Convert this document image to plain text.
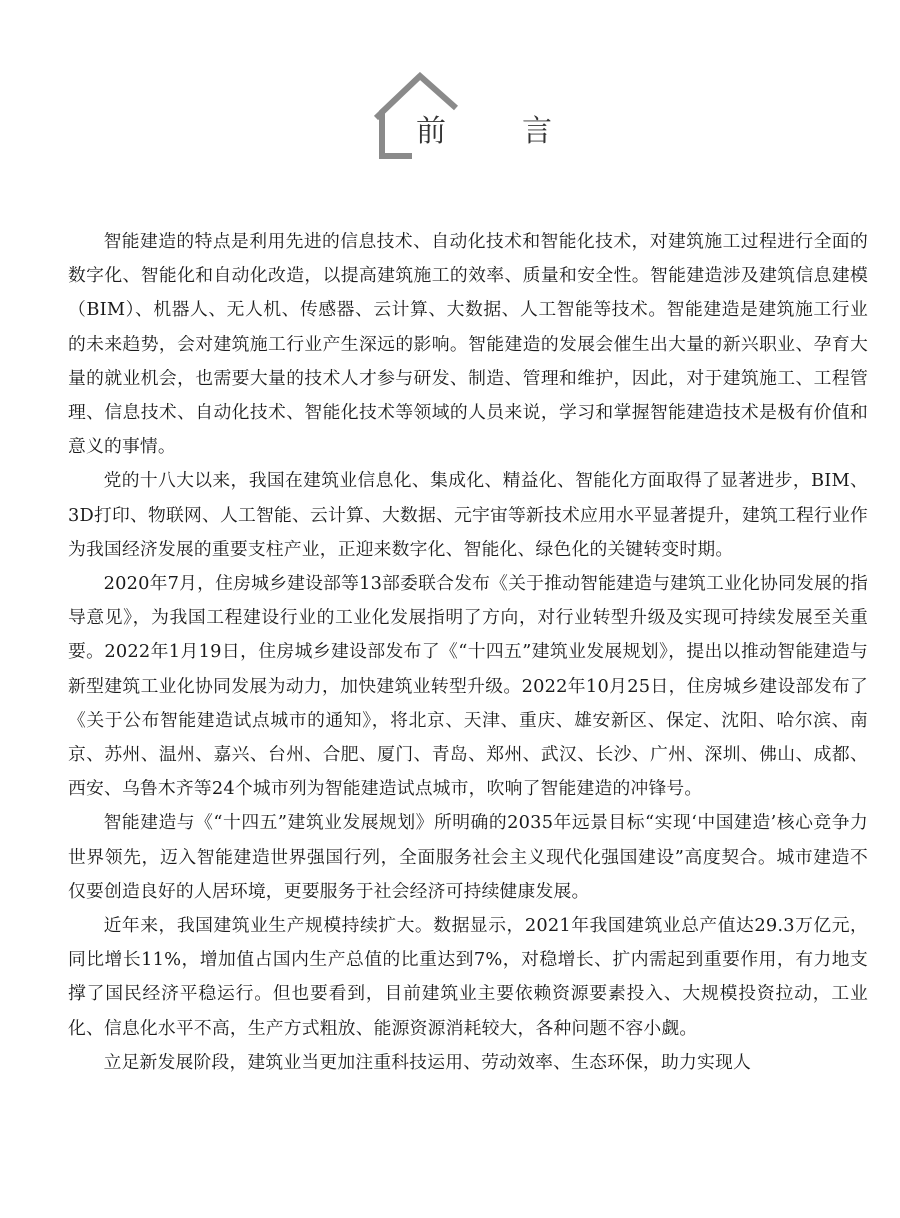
前	言

智能建造的特点是利用先进的信息技术、自动化技术和智能化技术，对建筑施工过程进行全面的数字化、智能化和自动化改造，以提高建筑施工的效率、质量和安全性。智能建造涉及建筑信息建模（BIM）、机器人、无人机、传感器、云计算、大数据、人工智能等技术。智能建造是建筑施工行业的未来趋势，会对建筑施工行业产生深远的影响。智能建造的发展会催生出大量的新兴职业、孕育大量的就业机会，也需要大量的技术人才参与研发、制造、管理和维护，因此，对于建筑施工、工程管理、信息技术、自动化技术、智能化技术等领域的人员来说，学习和掌握智能建造技术是极有价值和意义的事情。

党的十八大以来，我国在建筑业信息化、集成化、精益化、智能化方面取得了显著进步，BIM、3D打印、物联网、人工智能、云计算、大数据、元宇宙等新技术应用水平显著提升，建筑工程行业作为我国经济发展的重要支柱产业，正迎来数字化、智能化、绿色化的关键转变时期。

2020年7月，住房城乡建设部等13部委联合发布《关于推动智能建造与建筑工业化协同发展的指导意见》，为我国工程建设行业的工业化发展指明了方向，对行业转型升级及实现可持续发展至关重要。2022年1月19日，住房城乡建设部发布了《“十四五”建筑业发展规划》，提出以推动智能建造与新型建筑工业化协同发展为动力，加快建筑业转型升级。2022年10月25日，住房城乡建设部发布了《关于公布智能建造试点城市的通知》，将北京、天津、重庆、雄安新区、保定、沈阳、哈尔滨、南京、苏州、温州、嘉兴、台州、合肥、厦门、青岛、郑州、武汉、长沙、广州、深圳、佛山、成都、西安、乌鲁木齐等24个城市列为智能建造试点城市，吹响了智能建造的冲锋号。

智能建造与《“十四五”建筑业发展规划》所明确的2035年远景目标“实现‘中国建造’核心竞争力世界领先，迈入智能建造世界强国行列，全面服务社会主义现代化强国建设”高度契合。城市建造不仅要创造良好的人居环境，更要服务于社会经济可持续健康发展。

近年来，我国建筑业生产规模持续扩大。数据显示，2021年我国建筑业总产值达29.3万亿元，同比增长11%，增加值占国内生产总值的比重达到7%，对稳增长、扩内需起到重要作用，有力地支撑了国民经济平稳运行。但也要看到，目前建筑业主要依赖资源要素投入、大规模投资拉动，工业化、信息化水平不高，生产方式粗放、能源资源消耗较大，各种问题不容小觑。

立足新发展阶段，建筑业当更加注重科技运用、劳动效率、生态环保，助力实现人
